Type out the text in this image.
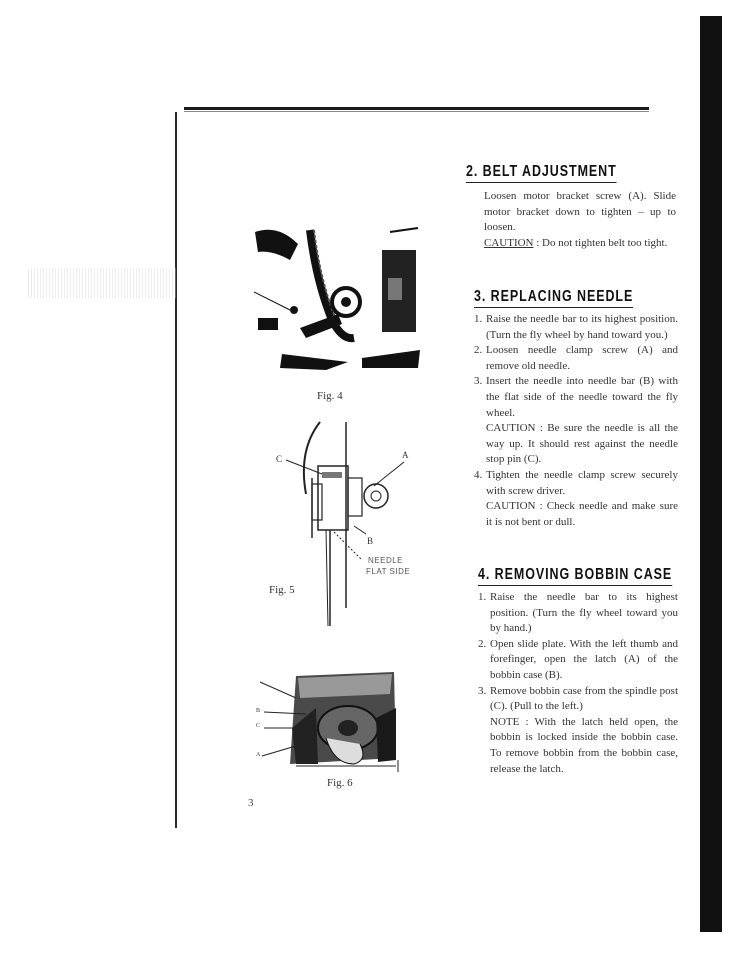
Fig. 4
C	A
B
NEEDLE
FLAT SIDE
Fig. 5
B
C
A
Fig. 6
3
2. BELT ADJUSTMENT

Loosen motor bracket screw (A). Slide motor bracket down to tighten – up to loosen.

CAUTION : Do not tighten belt too tight.

3. REPLACING NEEDLE
1. Raise the needle bar to its highest position. (Turn the fly wheel by hand toward you.)
2. Loosen needle clamp screw (A) and remove old needle.
3. Insert the needle into needle bar (B) with the flat side of the needle toward the fly wheel.
CAUTION : Be sure the needle is all the way up. It should rest against the needle stop pin (C).
4. Tighten the needle clamp screw securely with screw driver.
CAUTION : Check needle and make sure it is not bent or dull.
4. REMOVING BOBBIN CASE
1. Raise the needle bar to its highest position. (Turn the fly wheel toward you by hand.)
2. Open slide plate. With the left thumb and forefinger, open the latch (A) of the bobbin case (B).
3. Remove bobbin case from the spindle post (C). (Pull to the left.)
NOTE : With the latch held open, the bobbin is locked inside the bobbin case. To remove bobbin from the bobbin case, release the latch.
